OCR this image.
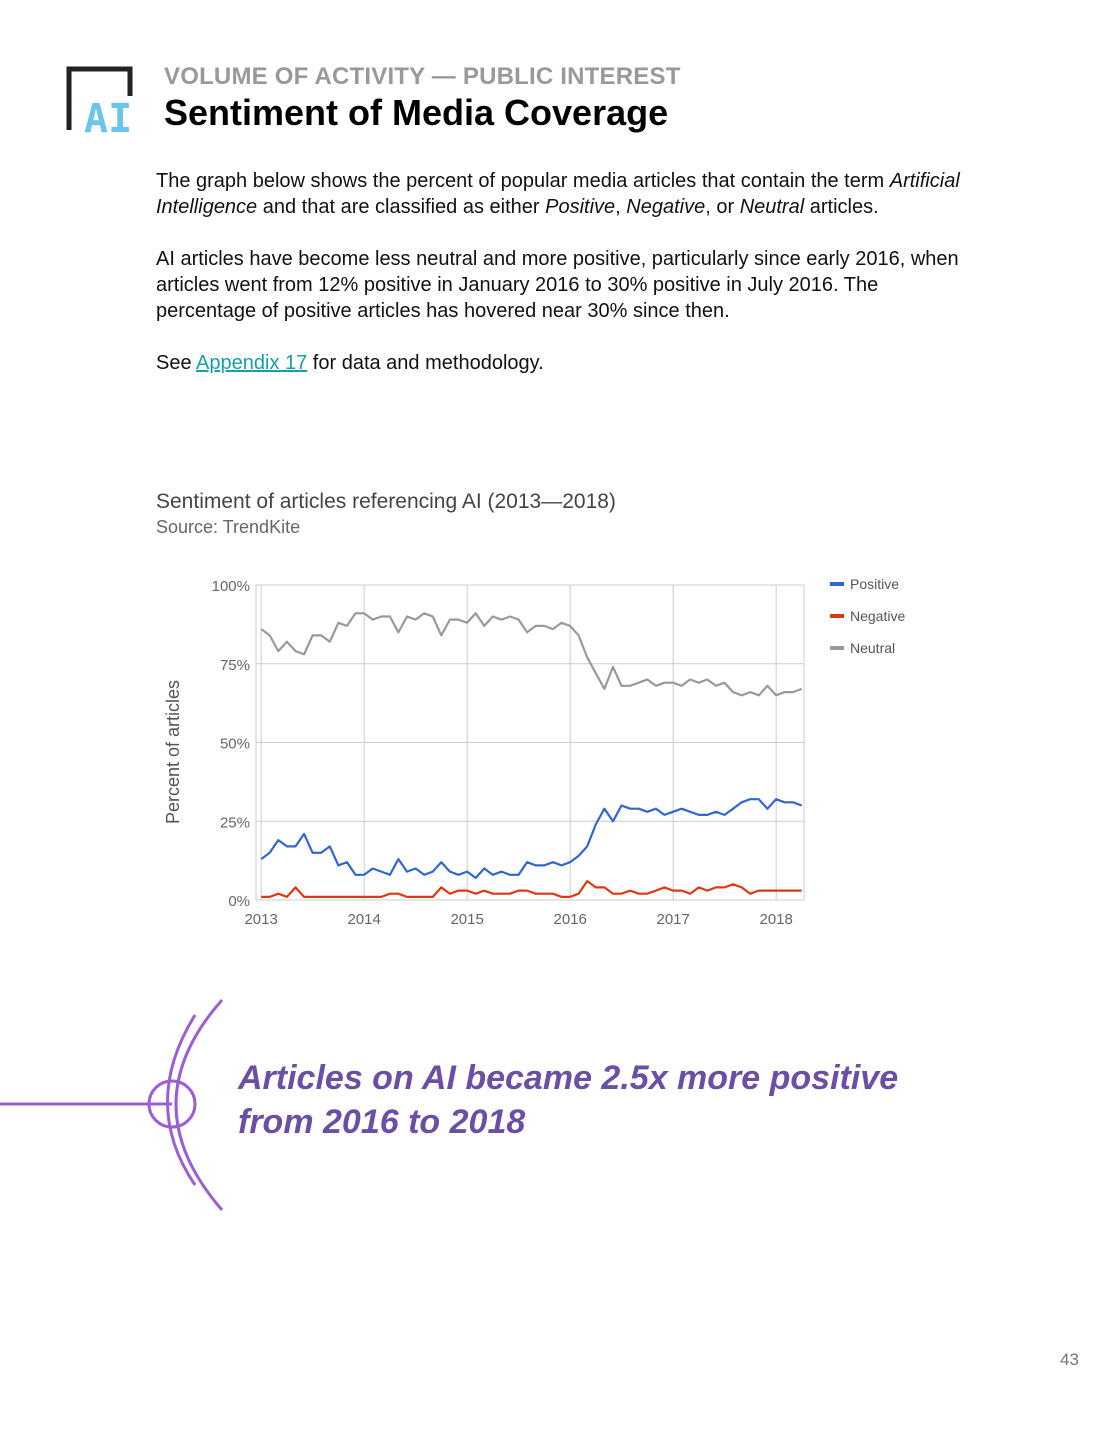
AI
VOLUME OF ACTIVITY — PUBLIC INTEREST
Sentiment of Media Coverage

The graph below shows the percent of popular media articles that contain the term Artificial Intelligence and that are classified as either Positive, Negative, or Neutral articles.

AI articles have become less neutral and more positive, particularly since early 2016, when articles went from 12% positive in January 2016 to 30% positive in July 2016. The percentage of positive articles has hovered near 30% since then.

See Appendix 17 for data and methodology.

Sentiment of articles referencing AI (2013—2018)
Source: TrendKite
0%
25%
50%
75%
100%
2013	2014	2015	2016	2017	2018
Positive
Negative
Neutral
Percent of articles
Articles on AI became 2.5x more positive from 2016 to 2018
43
